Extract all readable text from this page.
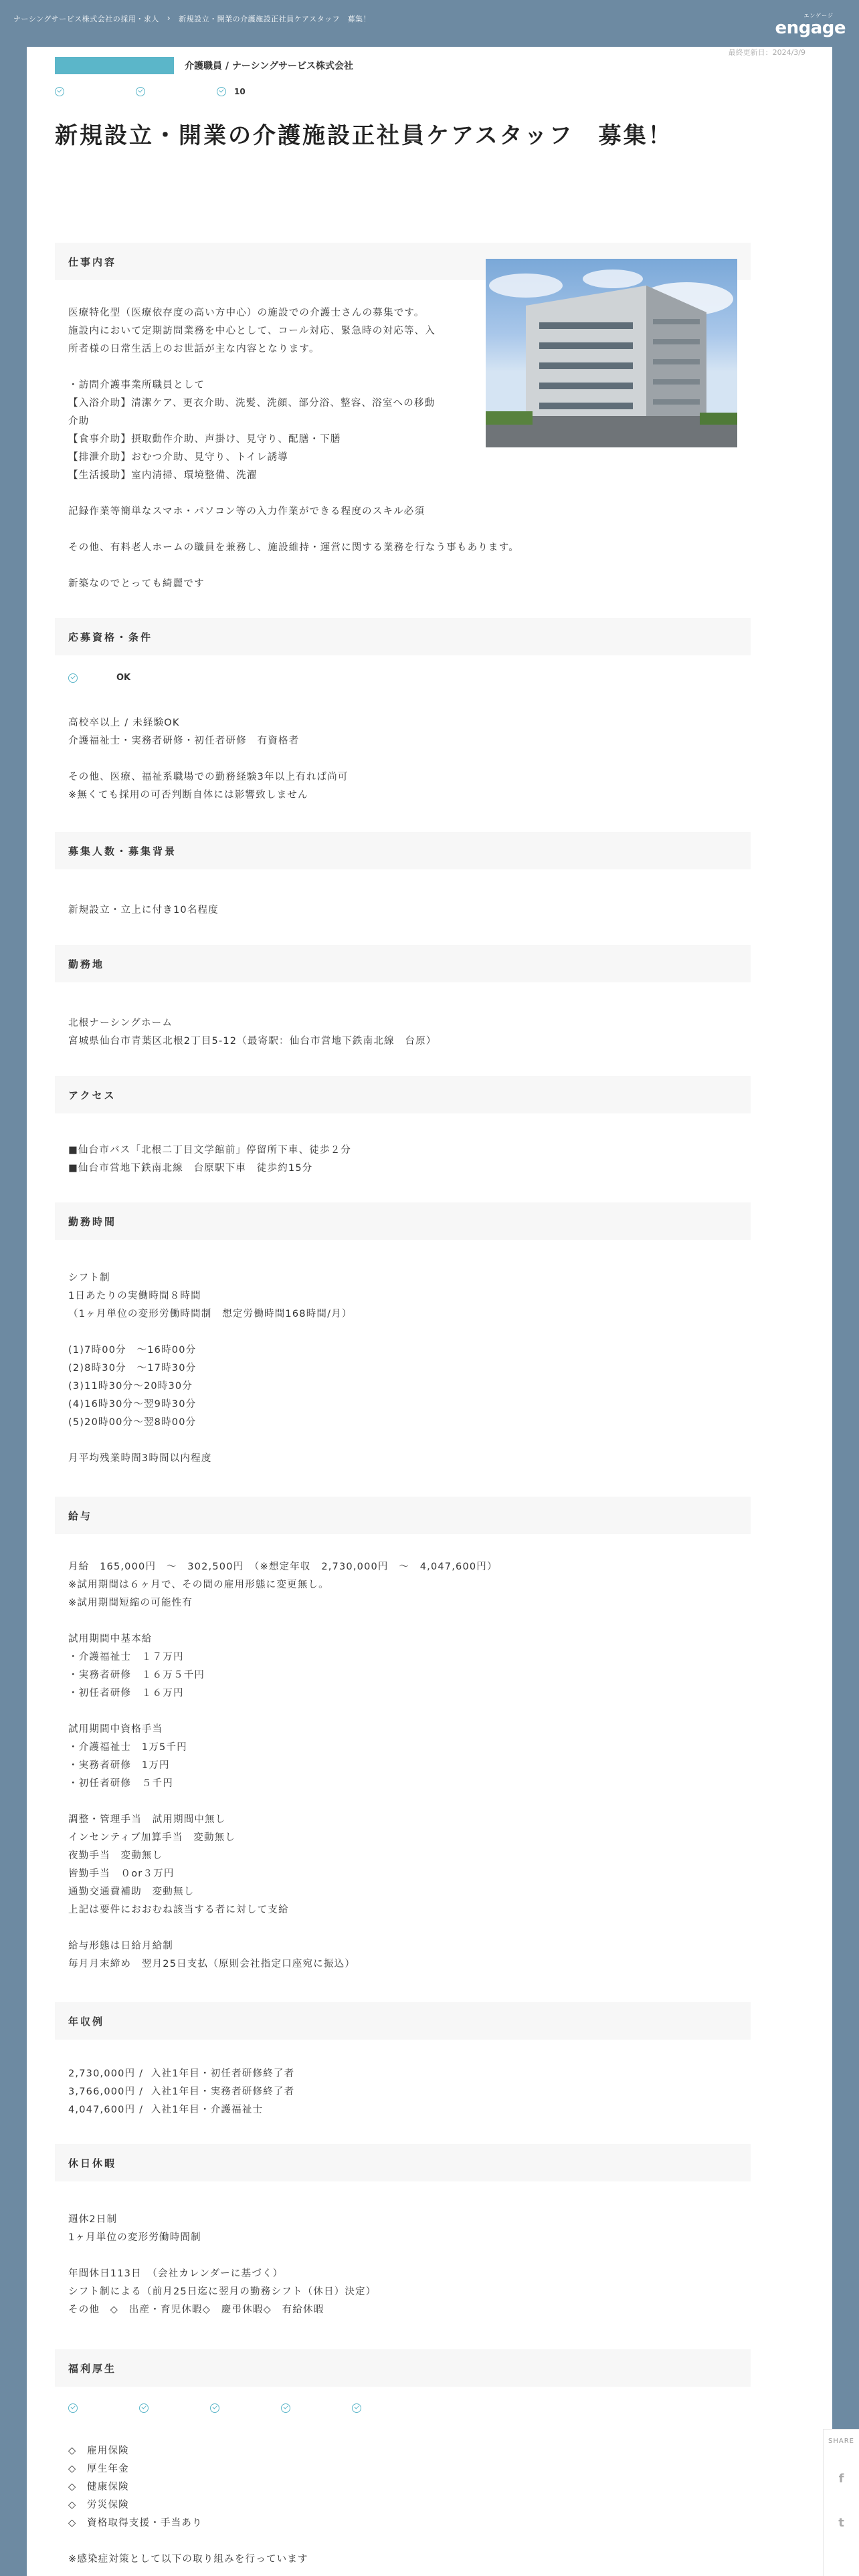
ナーシングサービス株式会社の採用・求人 › 新規設立・開業の介護施設正社員ケアスタッフ　募集！	エンゲージ
engage
最終更新日：2024/3/9
介護職員 / ナーシングサービス株式会社
10
新規設立・開業の介護施設正社員ケアスタッフ　募集！
仕事内容
医療特化型（医療依存度の高い方中心）の施設での介護士さんの募集です。
施設内において定期訪問業務を中心として、コール対応、緊急時の対応等、入
所者様の日常生活上のお世話が主な内容となります。

・訪問介護事業所職員として
【入浴介助】清潔ケア、更衣介助、洗髪、洗顔、部分浴、整容、浴室への移動
介助
【食事介助】摂取動作介助、声掛け、見守り、配膳・下膳
【排泄介助】おむつ介助、見守り、トイレ誘導
【生活援助】室内清掃、環境整備、洗濯

記録作業等簡単なスマホ・パソコン等の入力作業ができる程度のスキル必須

その他、有料老人ホームの職員を兼務し、施設維持・運営に関する業務を行なう事もあります。

新築なのでとっても綺麗です
応募資格・条件
OK
高校卒以上 / 未経験OK
介護福祉士・実務者研修・初任者研修　有資格者

その他、医療、福祉系職場での勤務経験3年以上有れば尚可
※無くても採用の可否判断自体には影響致しません
募集人数・募集背景
新規設立・立上に付き10名程度
勤務地
北根ナーシングホーム
宮城県仙台市青葉区北根2丁目5-12（最寄駅：仙台市営地下鉄南北線　台原）
アクセス
■仙台市バス「北根二丁目文学館前」停留所下車、徒歩２分
■仙台市営地下鉄南北線　台原駅下車　徒歩約15分
勤務時間
シフト制
1日あたりの実働時間８時間
（1ヶ月単位の変形労働時間制　想定労働時間168時間/月）

(1)7時00分　～16時00分
(2)8時30分　～17時30分
(3)11時30分～20時30分
(4)16時30分～翌9時30分
(5)20時00分～翌8時00分

月平均残業時間3時間以内程度
給与
月給　165,000円　～　302,500円　（※想定年収　2,730,000円　～　4,047,600円）
※試用期間は６ヶ月で、その間の雇用形態に変更無し。
※試用期間短縮の可能性有

試用期間中基本給
・介護福祉士　１７万円
・実務者研修　１６万５千円
・初任者研修　１６万円

試用期間中資格手当
・介護福祉士　1万5千円
・実務者研修　1万円
・初任者研修　５千円

調整・管理手当　試用期間中無し
インセンティブ加算手当　変動無し
夜勤手当　変動無し
皆勤手当　０or３万円
通勤交通費補助　変動無し
上記は要件におおむね該当する者に対して支給

給与形態は日給月給制
毎月月末締め　翌月25日支払（原則会社指定口座宛に振込）
年収例
2,730,000円 /  入社1年目・初任者研修終了者
3,766,000円 /  入社1年目・実務者研修終了者
4,047,600円 /  入社1年目・介護福祉士
休日休暇
週休2日制
1ヶ月単位の変形労働時間制

年間休日113日　（会社カレンダーに基づく）
シフト制による（前月25日迄に翌月の勤務シフト（休日）決定）
その他　◇　出産・育児休暇◇　慶弔休暇◇　有給休暇
福利厚生
◇　雇用保険
◇　厚生年金
◇　健康保険
◇　労災保険
◇　資格取得支援・手当あり

※感染症対策として以下の取り組みを行っています
SHARE
f
t
